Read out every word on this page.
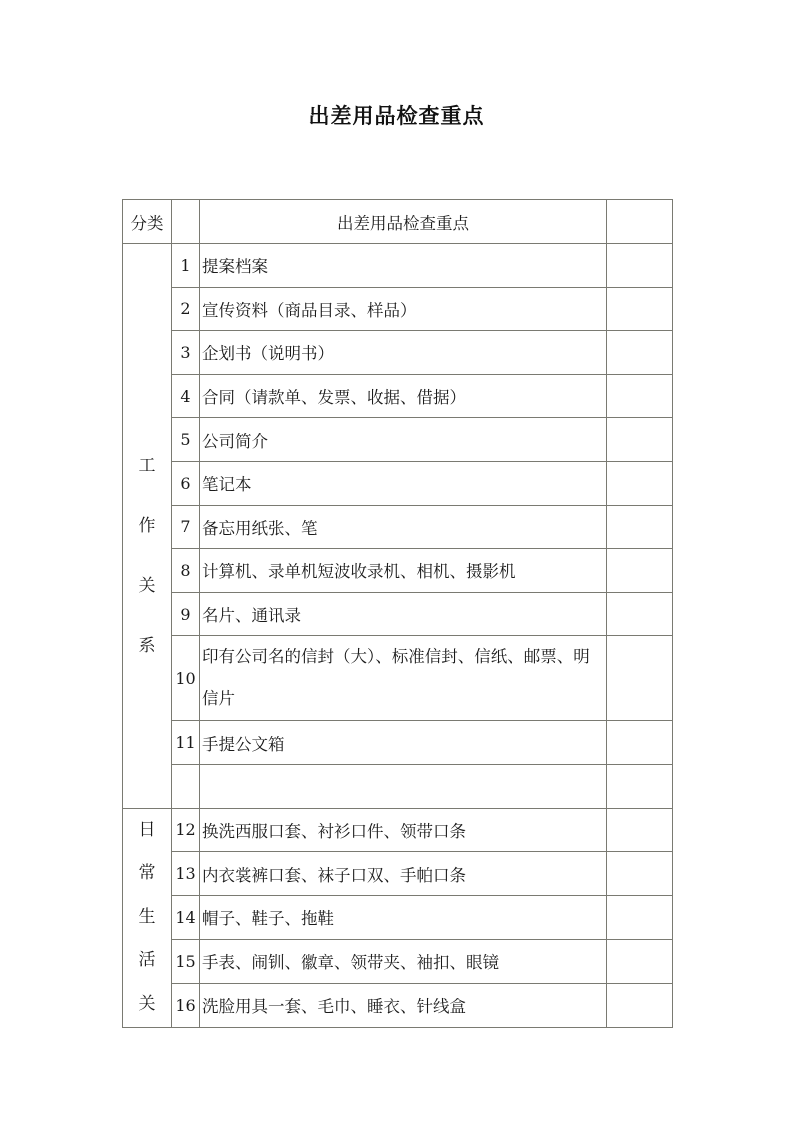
出差用品检查重点
分类		出差用品检查重点	

工
作
关
系	1	提案档案	
	2	宣传资料（商品目录、样品）	
	3	企划书（说明书）	
	4	合同（请款单、发票、收据、借据）	
	5	公司简介	
	6	笔记本	
	7	备忘用纸张、笔	
	8	计算机、录单机短波收录机、相机、摄影机	
	9	名片、通讯录	
	10	印有公司名的信封（大）、标准信封、信纸、邮票、明信片	
	11	手提公文箱	

日
常
生
活
关	12	换洗西服口套、衬衫口件、领带口条	
	13	内衣裳裤口套、袜子口双、手帕口条	
	14	帽子、鞋子、拖鞋	
	15	手表、闹钏、徽章、领带夹、袖扣、眼镜	
	16	洗脸用具一套、毛巾、睡衣、针线盒	
